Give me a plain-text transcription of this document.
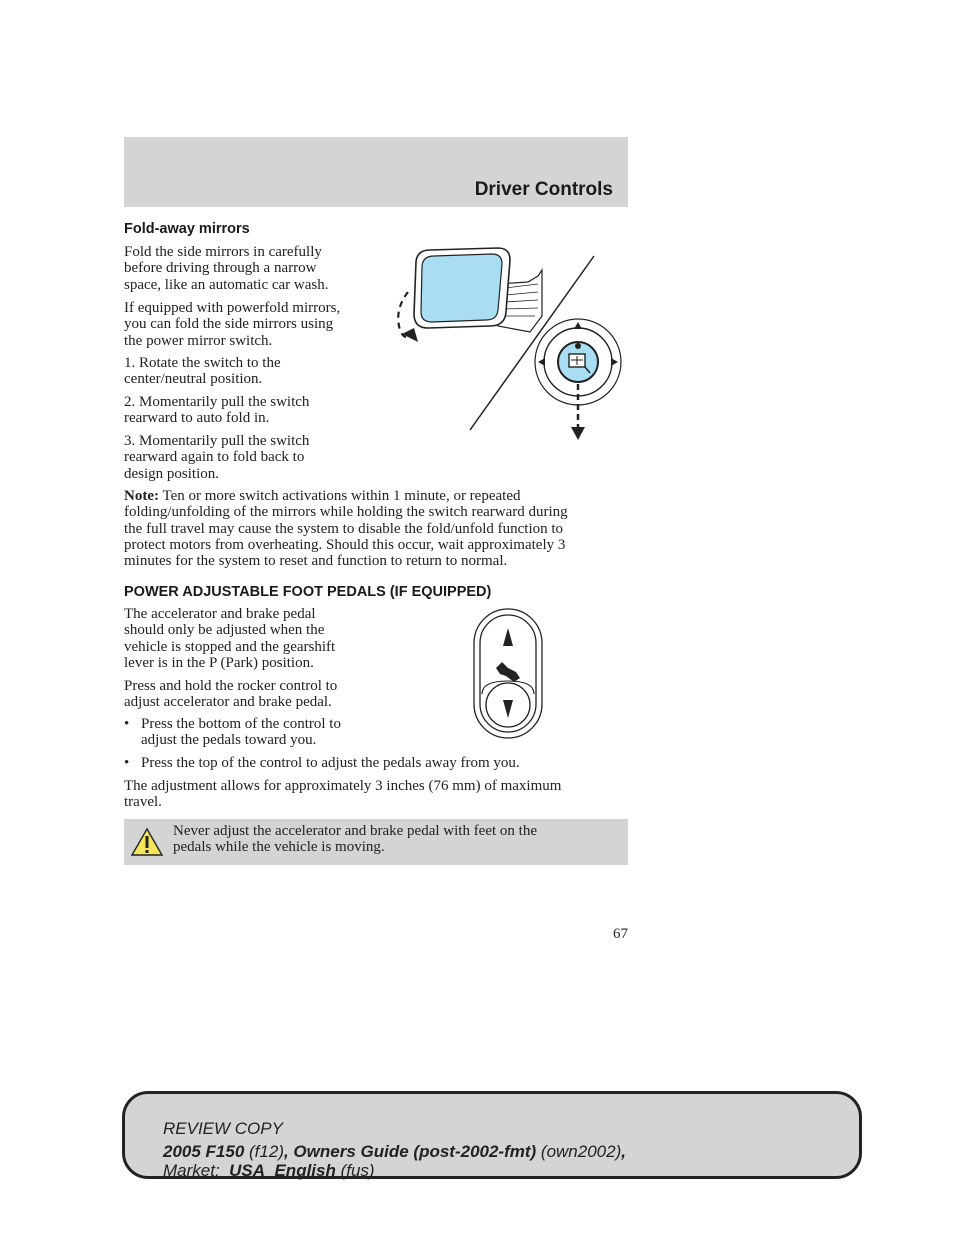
Driver Controls
Fold-away mirrors
Fold the side mirrors in carefully
before driving through a narrow
space, like an automatic car wash.
If equipped with powerfold mirrors,
you can fold the side mirrors using
the power mirror switch.
1. Rotate the switch to the
center/neutral position.
2. Momentarily pull the switch
rearward to auto fold in.
3. Momentarily pull the switch
rearward again to fold back to
design position.
Note: Ten or more switch activations within 1 minute, or repeated
folding/unfolding of the mirrors while holding the switch rearward during
the full travel may cause the system to disable the fold/unfold function to
protect motors from overheating. Should this occur, wait approximately 3
minutes for the system to reset and function to return to normal.
POWER ADJUSTABLE FOOT PEDALS (IF EQUIPPED)
The accelerator and brake pedal
should only be adjusted when the
vehicle is stopped and the gearshift
lever is in the P (Park) position.
Press and hold the rocker control to
adjust accelerator and brake pedal.
• Press the bottom of the control to
adjust the pedals toward you.
• Press the top of the control to adjust the pedals away from you.
The adjustment allows for approximately 3 inches (76 mm) of maximum
travel.
Never adjust the accelerator and brake pedal with feet on the
pedals while the vehicle is moving.
67
REVIEW COPY
2005 F150 (f12), Owners Guide (post-2002-fmt) (own2002),
Market:  USA_English (fus)
